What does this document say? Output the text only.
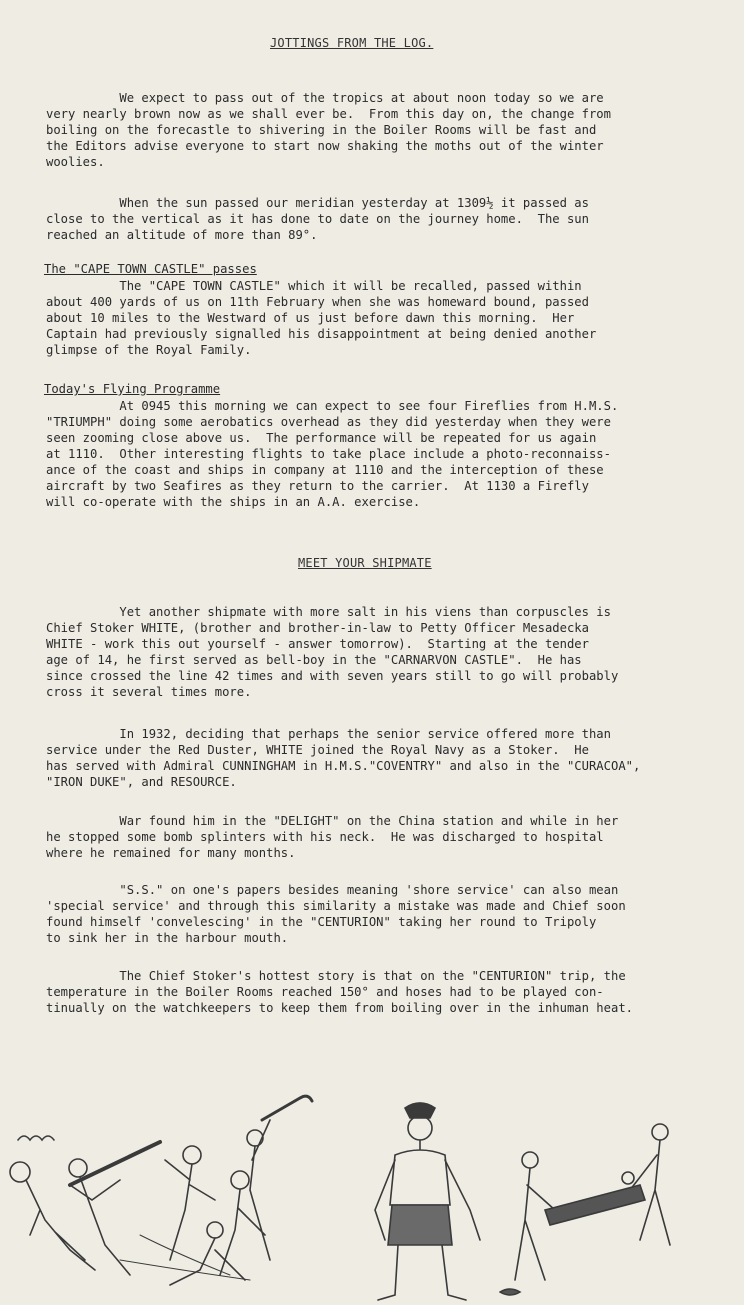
JOTTINGS FROM THE LOG.
We expect to pass out of the tropics at about noon today so we are
very nearly brown now as we shall ever be.  From this day on, the change from
boiling on the forecastle to shivering in the Boiler Rooms will be fast and
the Editors advise everyone to start now shaking the moths out of the winter
woolies.
When the sun passed our meridian yesterday at 1309½ it passed as
close to the vertical as it has done to date on the journey home.  The sun
reached an altitude of more than 89°.
The "CAPE TOWN CASTLE" passes
The "CAPE TOWN CASTLE" which it will be recalled, passed within
about 400 yards of us on 11th February when she was homeward bound, passed
about 10 miles to the Westward of us just before dawn this morning.  Her
Captain had previously signalled his disappointment at being denied another
glimpse of the Royal Family.
Today's Flying Programme
At 0945 this morning we can expect to see four Fireflies from H.M.S.
"TRIUMPH" doing some aerobatics overhead as they did yesterday when they were
seen zooming close above us.  The performance will be repeated for us again
at 1110.  Other interesting flights to take place include a photo-reconnaiss-
ance of the coast and ships in company at 1110 and the interception of these
aircraft by two Seafires as they return to the carrier.  At 1130 a Firefly
will co-operate with the ships in an A.A. exercise.
MEET YOUR SHIPMATE
Yet another shipmate with more salt in his viens than corpuscles is
Chief Stoker WHITE, (brother and brother-in-law to Petty Officer Mesadecka
WHITE - work this out yourself - answer tomorrow).  Starting at the tender
age of 14, he first served as bell-boy in the "CARNARVON CASTLE".  He has
since crossed the line 42 times and with seven years still to go will probably
cross it several times more.
In 1932, deciding that perhaps the senior service offered more than
service under the Red Duster, WHITE joined the Royal Navy as a Stoker.  He
has served with Admiral CUNNINGHAM in H.M.S."COVENTRY" and also in the "CURACOA",
"IRON DUKE", and RESOURCE.
War found him in the "DELIGHT" on the China station and while in her
he stopped some bomb splinters with his neck.  He was discharged to hospital
where he remained for many months.
"S.S." on one's papers besides meaning 'shore service' can also mean
'special service' and through this similarity a mistake was made and Chief soon
found himself 'convelescing' in the "CENTURION" taking her round to Tripoly
to sink her in the harbour mouth.
The Chief Stoker's hottest story is that on the "CENTURION" trip, the
temperature in the Boiler Rooms reached 150° and hoses had to be played con-
tinually on the watchkeepers to keep them from boiling over in the inhuman heat.
